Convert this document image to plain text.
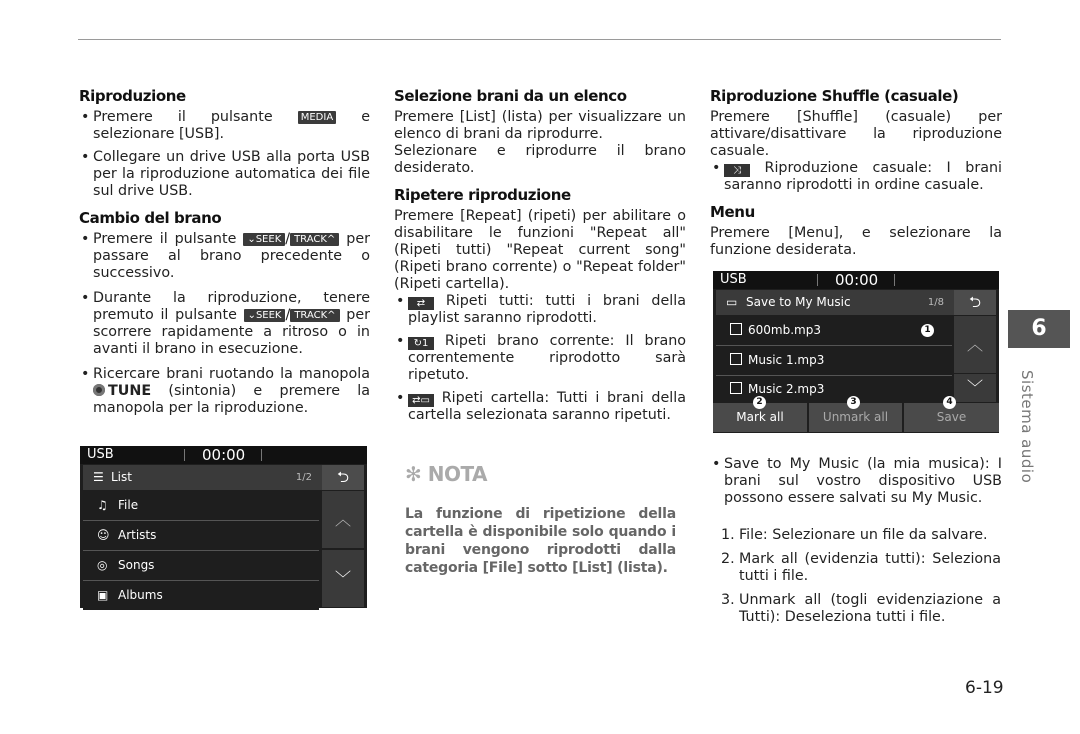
Riproduzione
• Premere il pulsante	MEDIA e selezionare [USB].
• Collegare un drive USB alla porta USB per la riproduzione automatica dei file sul drive USB.
Cambio del brano
• Premere il pulsante ⌄SEEK / TRACK^ per passare al brano precedente o successivo.
• Durante la riproduzione, tenere premuto il pulsante ⌄SEEK / TRACK^ per scorrere rapidamente a ritroso o in avanti il brano in esecuzione.
• Ricercare brani ruotando la manopola TUNE (sintonia) e premere la manopola per la riproduzione.
USB	00:00
☰ List	1/2	⮌
♫ File
☺ Artists
◎ Songs
▣ Albums
︿
﹀
Selezione brani da un elenco

Premere [List] (lista) per visualizzare un elenco di brani da riprodurre.

Selezionare e riprodurre il brano desiderato.

Ripetere riproduzione

Premere [Repeat] (ripeti) per abilitare o disabilitare le funzioni "Repeat all" (Ripeti tutti) "Repeat current song" (Ripeti brano corrente) o "Repeat folder" (Ripeti cartella).

• ⇄ Ripeti tutti: tutti i brani della playlist saranno riprodotti.
• ↻1 Ripeti brano corrente: Il brano correntemente riprodotto sarà ripetuto.
• ⇄▭ Ripeti cartella: Tutti i brani della cartella selezionata saranno ripetuti.
✻ NOTA
La funzione di ripetizione della cartella è disponibile solo quando i brani vengono riprodotti dalla categoria [File] sotto [List] (lista).
Riproduzione Shuffle (casuale)

Premere [Shuffle] (casuale) per attivare/disattivare la riproduzione casuale.

• ⤨ Riproduzione casuale: I brani saranno riprodotti in ordine casuale.
Menu

Premere [Menu], e selezionare la funzione desiderata.

USB	00:00
▭ Save to My Music	1/8	⮌
600mb.mp3	1
Music 1.mp3
Music 2.mp3
︿
﹀
Mark all	Unmark all	Save
2	3	4
• Save to My Music (la mia musica): I brani sul vostro dispositivo USB possono essere salvati su My Music.
1. File: Selezionare un file da salvare.
2. Mark all (evidenzia tutti): Seleziona tutti i file.
3. Unmark all (togli evidenziazione a Tutti): Deseleziona tutti i file.
6
Sistema audio
6-19
